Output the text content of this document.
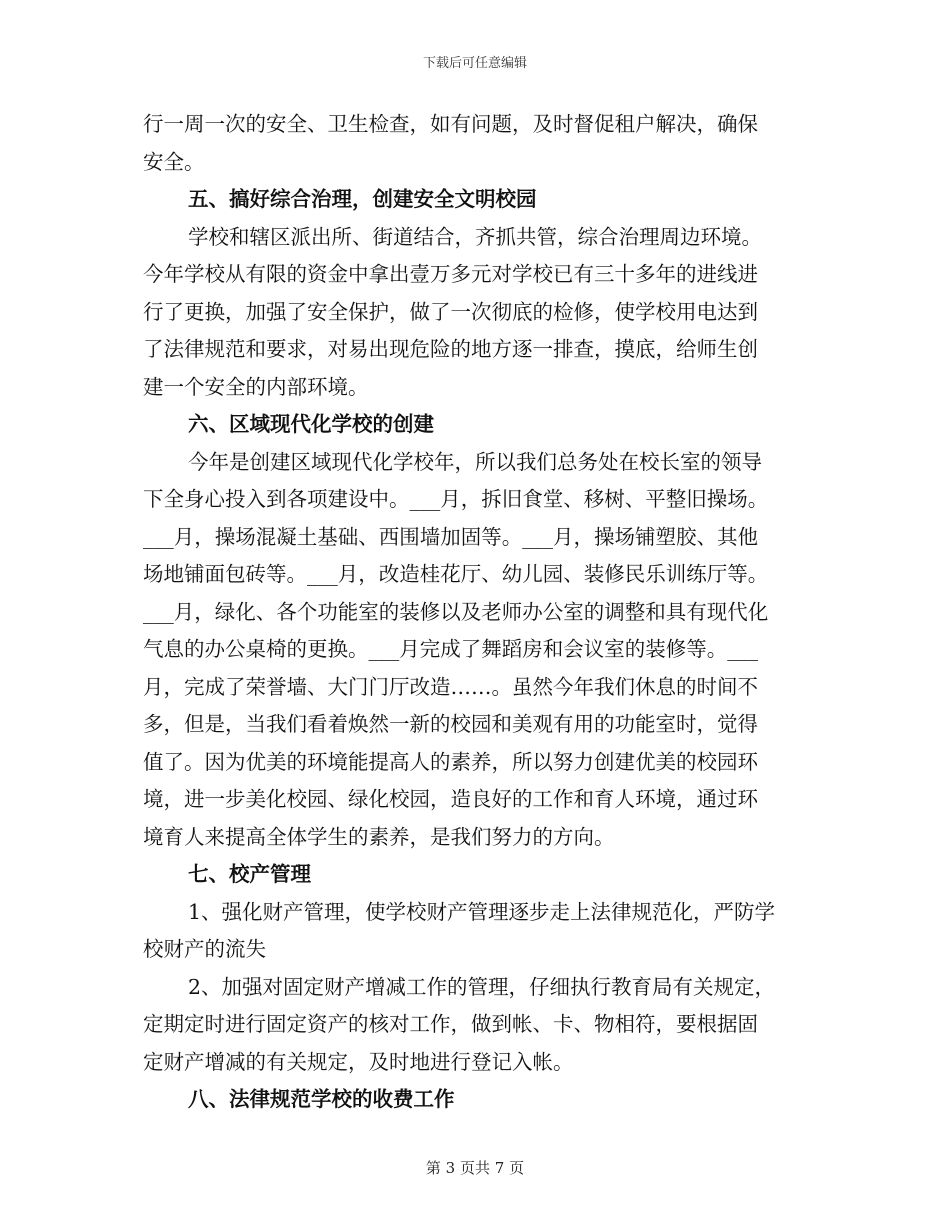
下载后可任意编辑
行一周一次的安全、卫生检查，如有问题，及时督促租户解决，确保
安全。
五、搞好综合治理，创建安全文明校园
学校和辖区派出所、街道结合，齐抓共管，综合治理周边环境。
今年学校从有限的资金中拿出壹万多元对学校已有三十多年的进线进
行了更换，加强了安全保护，做了一次彻底的检修，使学校用电达到
了法律规范和要求，对易出现危险的地方逐一排查，摸底，给师生创
建一个安全的内部环境。
六、区域现代化学校的创建
今年是创建区域现代化学校年，所以我们总务处在校长室的领导
下全身心投入到各项建设中。___月，拆旧食堂、移树、平整旧操场。
___月，操场混凝土基础、西围墙加固等。___月，操场铺塑胶、其他
场地铺面包砖等。___月，改造桂花厅、幼儿园、装修民乐训练厅等。
___月，绿化、各个功能室的装修以及老师办公室的调整和具有现代化
气息的办公桌椅的更换。___月完成了舞蹈房和会议室的装修等。___
月，完成了荣誉墙、大门门厅改造……。虽然今年我们休息的时间不
多，但是，当我们看着焕然一新的校园和美观有用的功能室时，觉得
值了。因为优美的环境能提高人的素养，所以努力创建优美的校园环
境，进一步美化校园、绿化校园，造良好的工作和育人环境，通过环
境育人来提高全体学生的素养，是我们努力的方向。
七、校产管理
1、强化财产管理，使学校财产管理逐步走上法律规范化，严防学
校财产的流失
2、加强对固定财产增减工作的管理，仔细执行教育局有关规定，
定期定时进行固定资产的核对工作，做到帐、卡、物相符，要根据固
定财产增减的有关规定，及时地进行登记入帐。
八、法律规范学校的收费工作
第 3 页共 7 页
